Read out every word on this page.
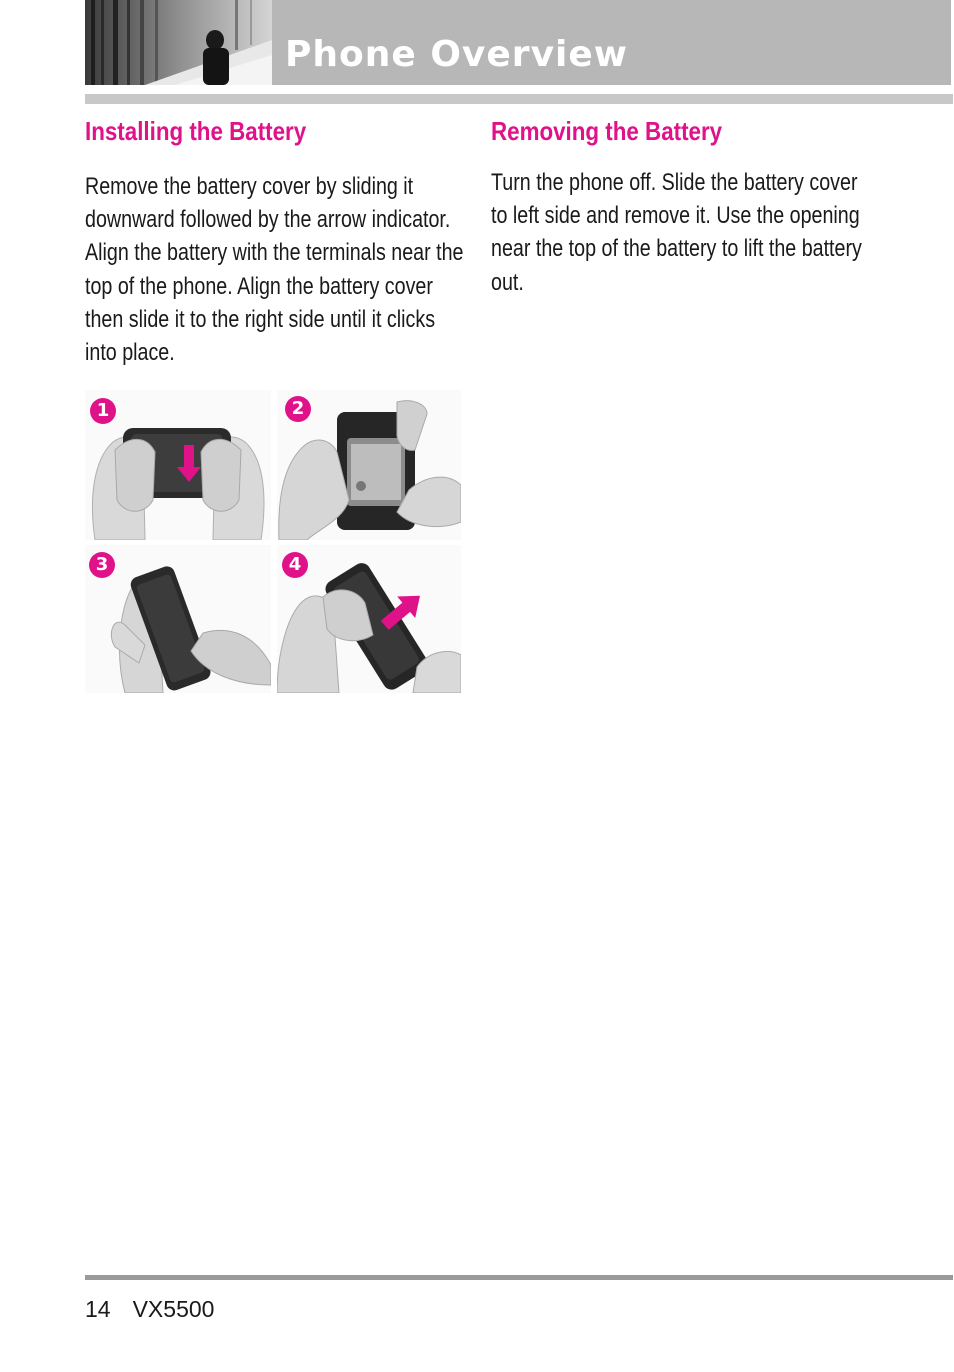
Phone Overview
Installing the Battery

Remove the battery cover by sliding it downward followed by the arrow indicator. Align the battery with the terminals near the top of the phone. Align the battery cover then slide it to the right side until it clicks into place.

Removing the Battery

Turn the phone off. Slide the battery cover to left side and remove it. Use the opening near the top of the battery to lift the battery out.

1	2
3	4
14 VX5500
